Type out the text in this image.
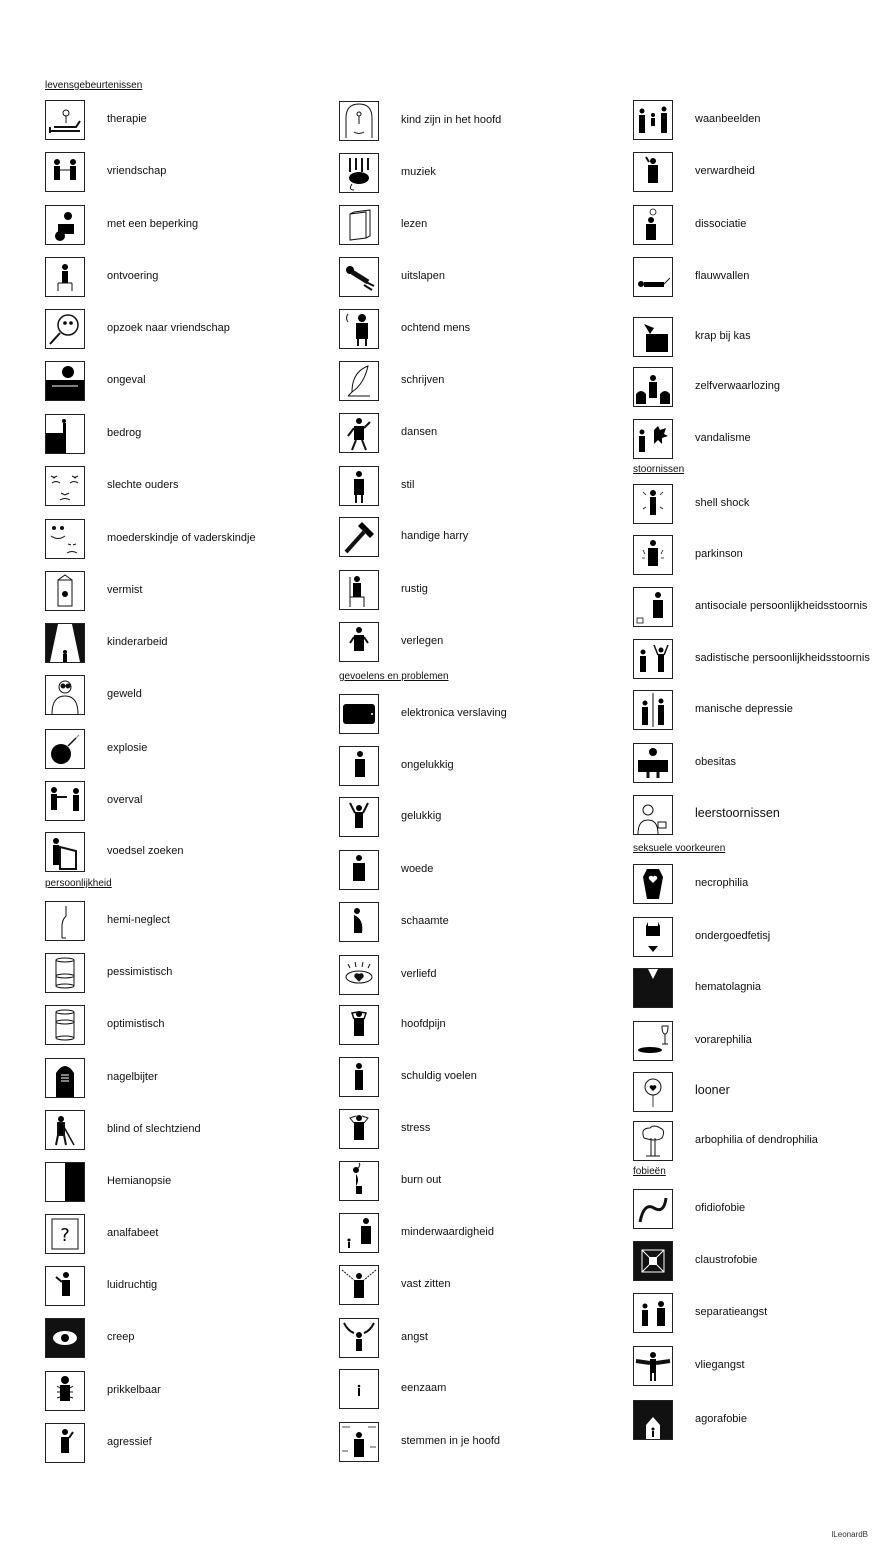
levensgebeurtenissen
therapie
vriendschap
met een beperking
ontvoering
opzoek naar vriendschap
ongeval
bedrog
slechte ouders
moederskindje of vaderskindje
vermist
kinderarbeid
geweld
explosie
overval
voedsel zoeken
persoonlijkheid
hemi-neglect
pessimistisch
optimistisch
nagelbijter
blind of slechtziend
Hemianopsie
?	analfabeet
luidruchtig
creep
prikkelbaar
agressief
kind zijn in het hoofd
muziek
lezen
uitslapen
ochtend mens
schrijven
dansen
stil
handige harry
rustig
verlegen
gevoelens en problemen
elektronica verslaving
ongelukkig
gelukkig
woede
schaamte
verliefd
hoofdpijn
schuldig voelen
stress
burn out
minderwaardigheid
vast zitten
angst
eenzaam
stemmen in je hoofd
waanbeelden
verwardheid
dissociatie
flauwvallen
krap bij kas
zelfverwaarlozing
vandalisme
stoornissen
shell shock
parkinson
antisociale persoonlijkheidsstoornis
sadistische persoonlijkheidsstoornis
manische depressie
obesitas
leerstoornissen
seksuele voorkeuren
necrophilia
ondergoedfetisj
hematolagnia
vorarephilia
looner
arbophilia of dendrophilia
fobieën
ofidiofobie
claustrofobie
separatieangst
vliegangst
agorafobie
lLeonardB
